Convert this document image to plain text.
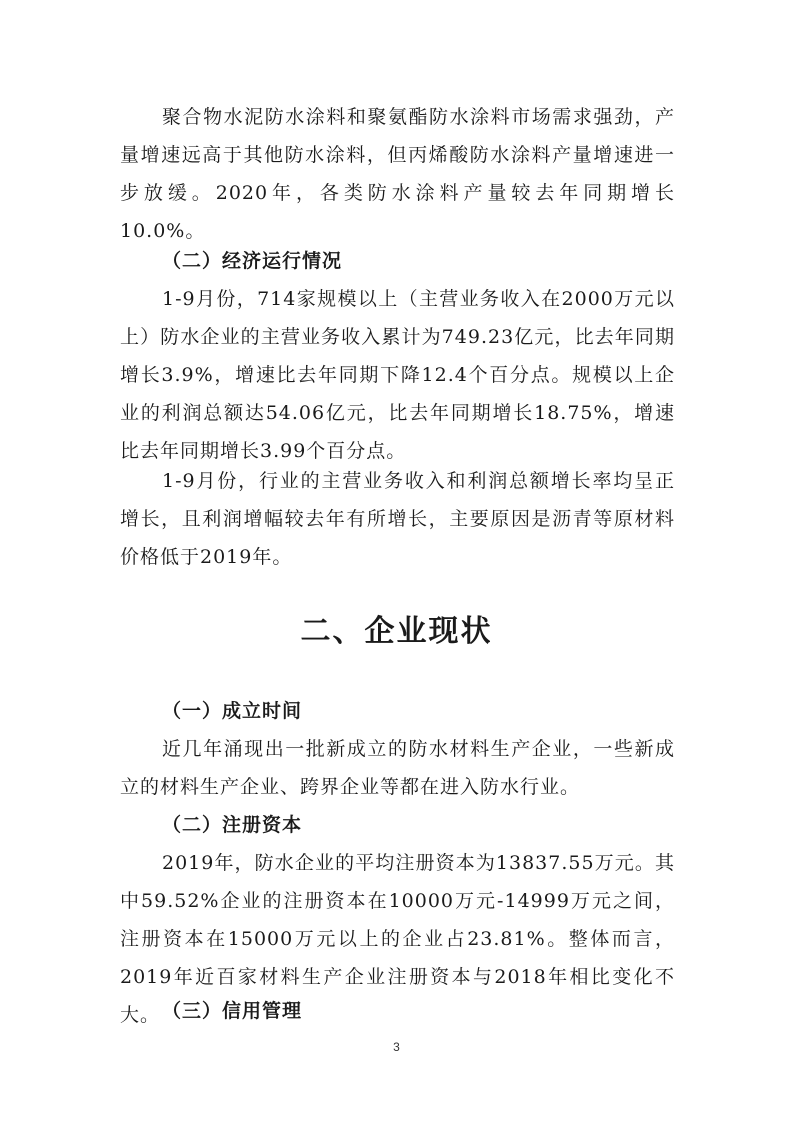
聚合物水泥防水涂料和聚氨酯防水涂料市场需求强劲，产量增速远高于其他防水涂料，但丙烯酸防水涂料产量增速进一步放缓。2020年，各类防水涂料产量较去年同期增长10.0%。

（二）经济运行情况

1-9月份，714家规模以上（主营业务收入在2000万元以上）防水企业的主营业务收入累计为749.23亿元，比去年同期增长3.9%，增速比去年同期下降12.4个百分点。规模以上企业的利润总额达54.06亿元，比去年同期增长18.75%，增速比去年同期增长3.99个百分点。

1-9月份，行业的主营业务收入和利润总额增长率均呈正增长，且利润增幅较去年有所增长，主要原因是沥青等原材料价格低于2019年。

二、企业现状

（一）成立时间

近几年涌现出一批新成立的防水材料生产企业，一些新成立的材料生产企业、跨界企业等都在进入防水行业。

（二）注册资本

2019年，防水企业的平均注册资本为13837.55万元。其中59.52%企业的注册资本在10000万元-14999万元之间，注册资本在15000万元以上的企业占23.81%。整体而言，2019年近百家材料生产企业注册资本与2018年相比变化不大。 （三）信用管理

3
